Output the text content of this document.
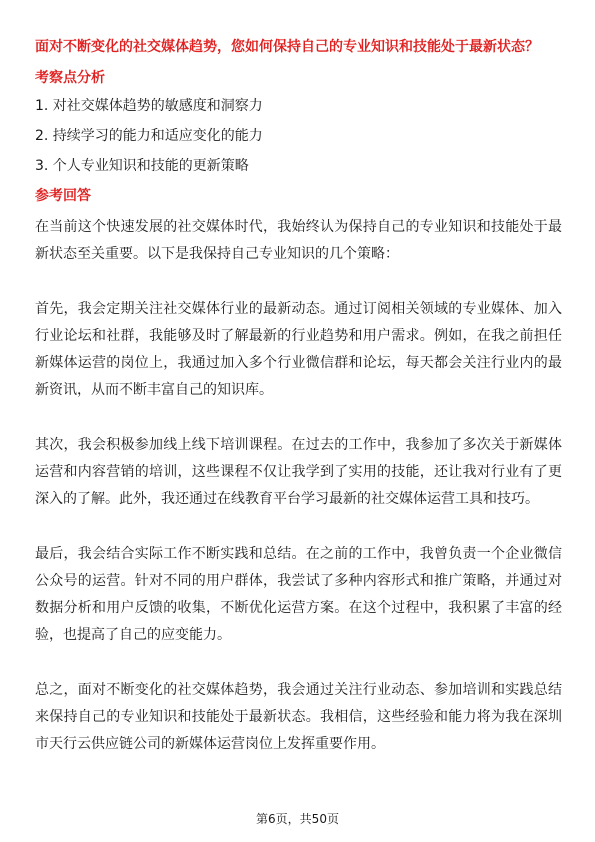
面对不断变化的社交媒体趋势，您如何保持自己的专业知识和技能处于最新状态？
考察点分析
1. 对社交媒体趋势的敏感度和洞察力
2. 持续学习的能力和适应变化的能力
3. 个人专业知识和技能的更新策略
参考回答

在当前这个快速发展的社交媒体时代，我始终认为保持自己的专业知识和技能处于最新状态至关重要。以下是我保持自己专业知识的几个策略：

首先，我会定期关注社交媒体行业的最新动态。通过订阅相关领域的专业媒体、加入行业论坛和社群，我能够及时了解最新的行业趋势和用户需求。例如，在我之前担任新媒体运营的岗位上，我通过加入多个行业微信群和论坛，每天都会关注行业内的最新资讯，从而不断丰富自己的知识库。

其次，我会积极参加线上线下培训课程。在过去的工作中，我参加了多次关于新媒体运营和内容营销的培训，这些课程不仅让我学到了实用的技能，还让我对行业有了更深入的了解。此外，我还通过在线教育平台学习最新的社交媒体运营工具和技巧。

最后，我会结合实际工作不断实践和总结。在之前的工作中，我曾负责一个企业微信公众号的运营。针对不同的用户群体，我尝试了多种内容形式和推广策略，并通过对数据分析和用户反馈的收集，不断优化运营方案。在这个过程中，我积累了丰富的经验，也提高了自己的应变能力。

总之，面对不断变化的社交媒体趋势，我会通过关注行业动态、参加培训和实践总结来保持自己的专业知识和技能处于最新状态。我相信，这些经验和能力将为我在深圳市天行云供应链公司的新媒体运营岗位上发挥重要作用。

第6页，共50页
